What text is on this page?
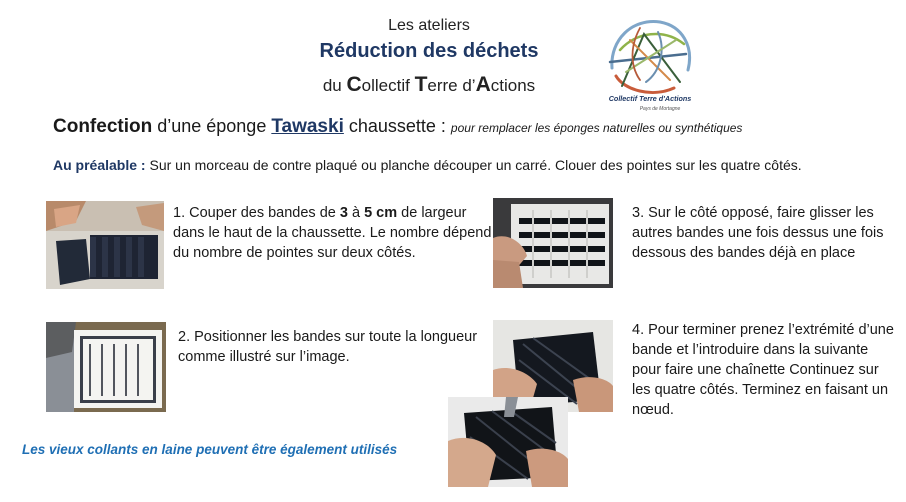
Les ateliers
Réduction des déchets
du Collectif Terre d’Actions
Collectif Terre d'Actions
Pays de Mortagne
Confection d’une éponge Tawaski chaussette : pour remplacer les éponges naturelles ou synthétiques
Au préalable : Sur un morceau de contre plaqué ou planche découper un carré. Clouer des pointes sur les quatre côtés.
1. Couper des bandes de 3 à 5 cm de largeur dans le haut de la chaussette. Le nombre dépend du nombre de pointes sur deux côtés.
2. Positionner les bandes sur toute la longueur comme illustré sur l’image.
3. Sur le côté opposé, faire glisser les autres bandes une fois dessus une fois dessous des bandes déjà en place
4. Pour terminer prenez l’extrémité d’une bande et l’introduire dans la suivante pour faire une chaînette Continuez sur les quatre côtés. Terminez en faisant un nœud.
Les vieux collants en laine peuvent être également utilisés
